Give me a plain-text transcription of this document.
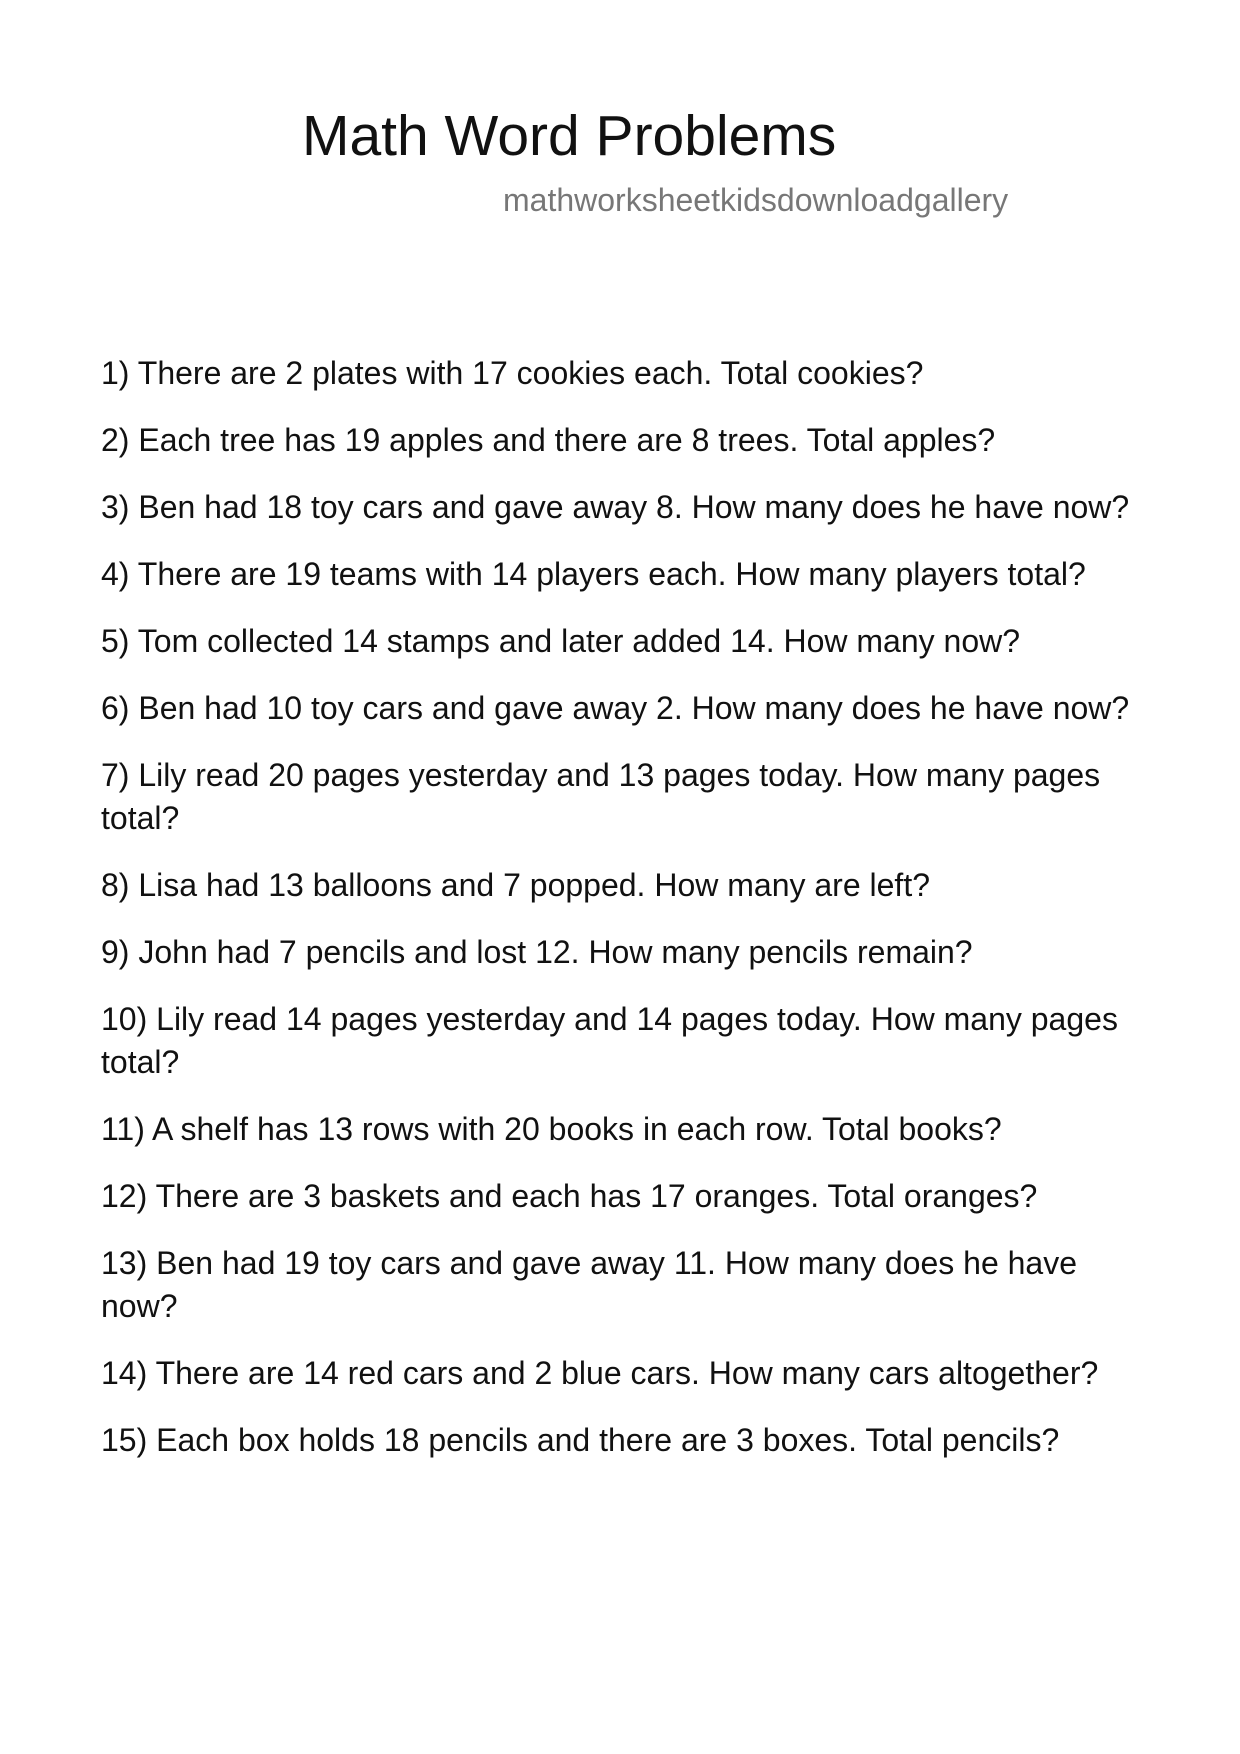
Math Word Problems
mathworksheetkidsdownloadgallery
1) There are 2 plates with 17 cookies each. Total cookies?
2) Each tree has 19 apples and there are 8 trees. Total apples?
3) Ben had 18 toy cars and gave away 8. How many does he have now?
4) There are 19 teams with 14 players each. How many players total?
5) Tom collected 14 stamps and later added 14. How many now?
6) Ben had 10 toy cars and gave away 2. How many does he have now?
7) Lily read 20 pages yesterday and 13 pages today. How many pages total?
8) Lisa had 13 balloons and 7 popped. How many are left?
9) John had 7 pencils and lost 12. How many pencils remain?
10) Lily read 14 pages yesterday and 14 pages today. How many pages total?
11) A shelf has 13 rows with 20 books in each row. Total books?
12) There are 3 baskets and each has 17 oranges. Total oranges?
13) Ben had 19 toy cars and gave away 11. How many does he have now?
14) There are 14 red cars and 2 blue cars. How many cars altogether?
15) Each box holds 18 pencils and there are 3 boxes. Total pencils?
